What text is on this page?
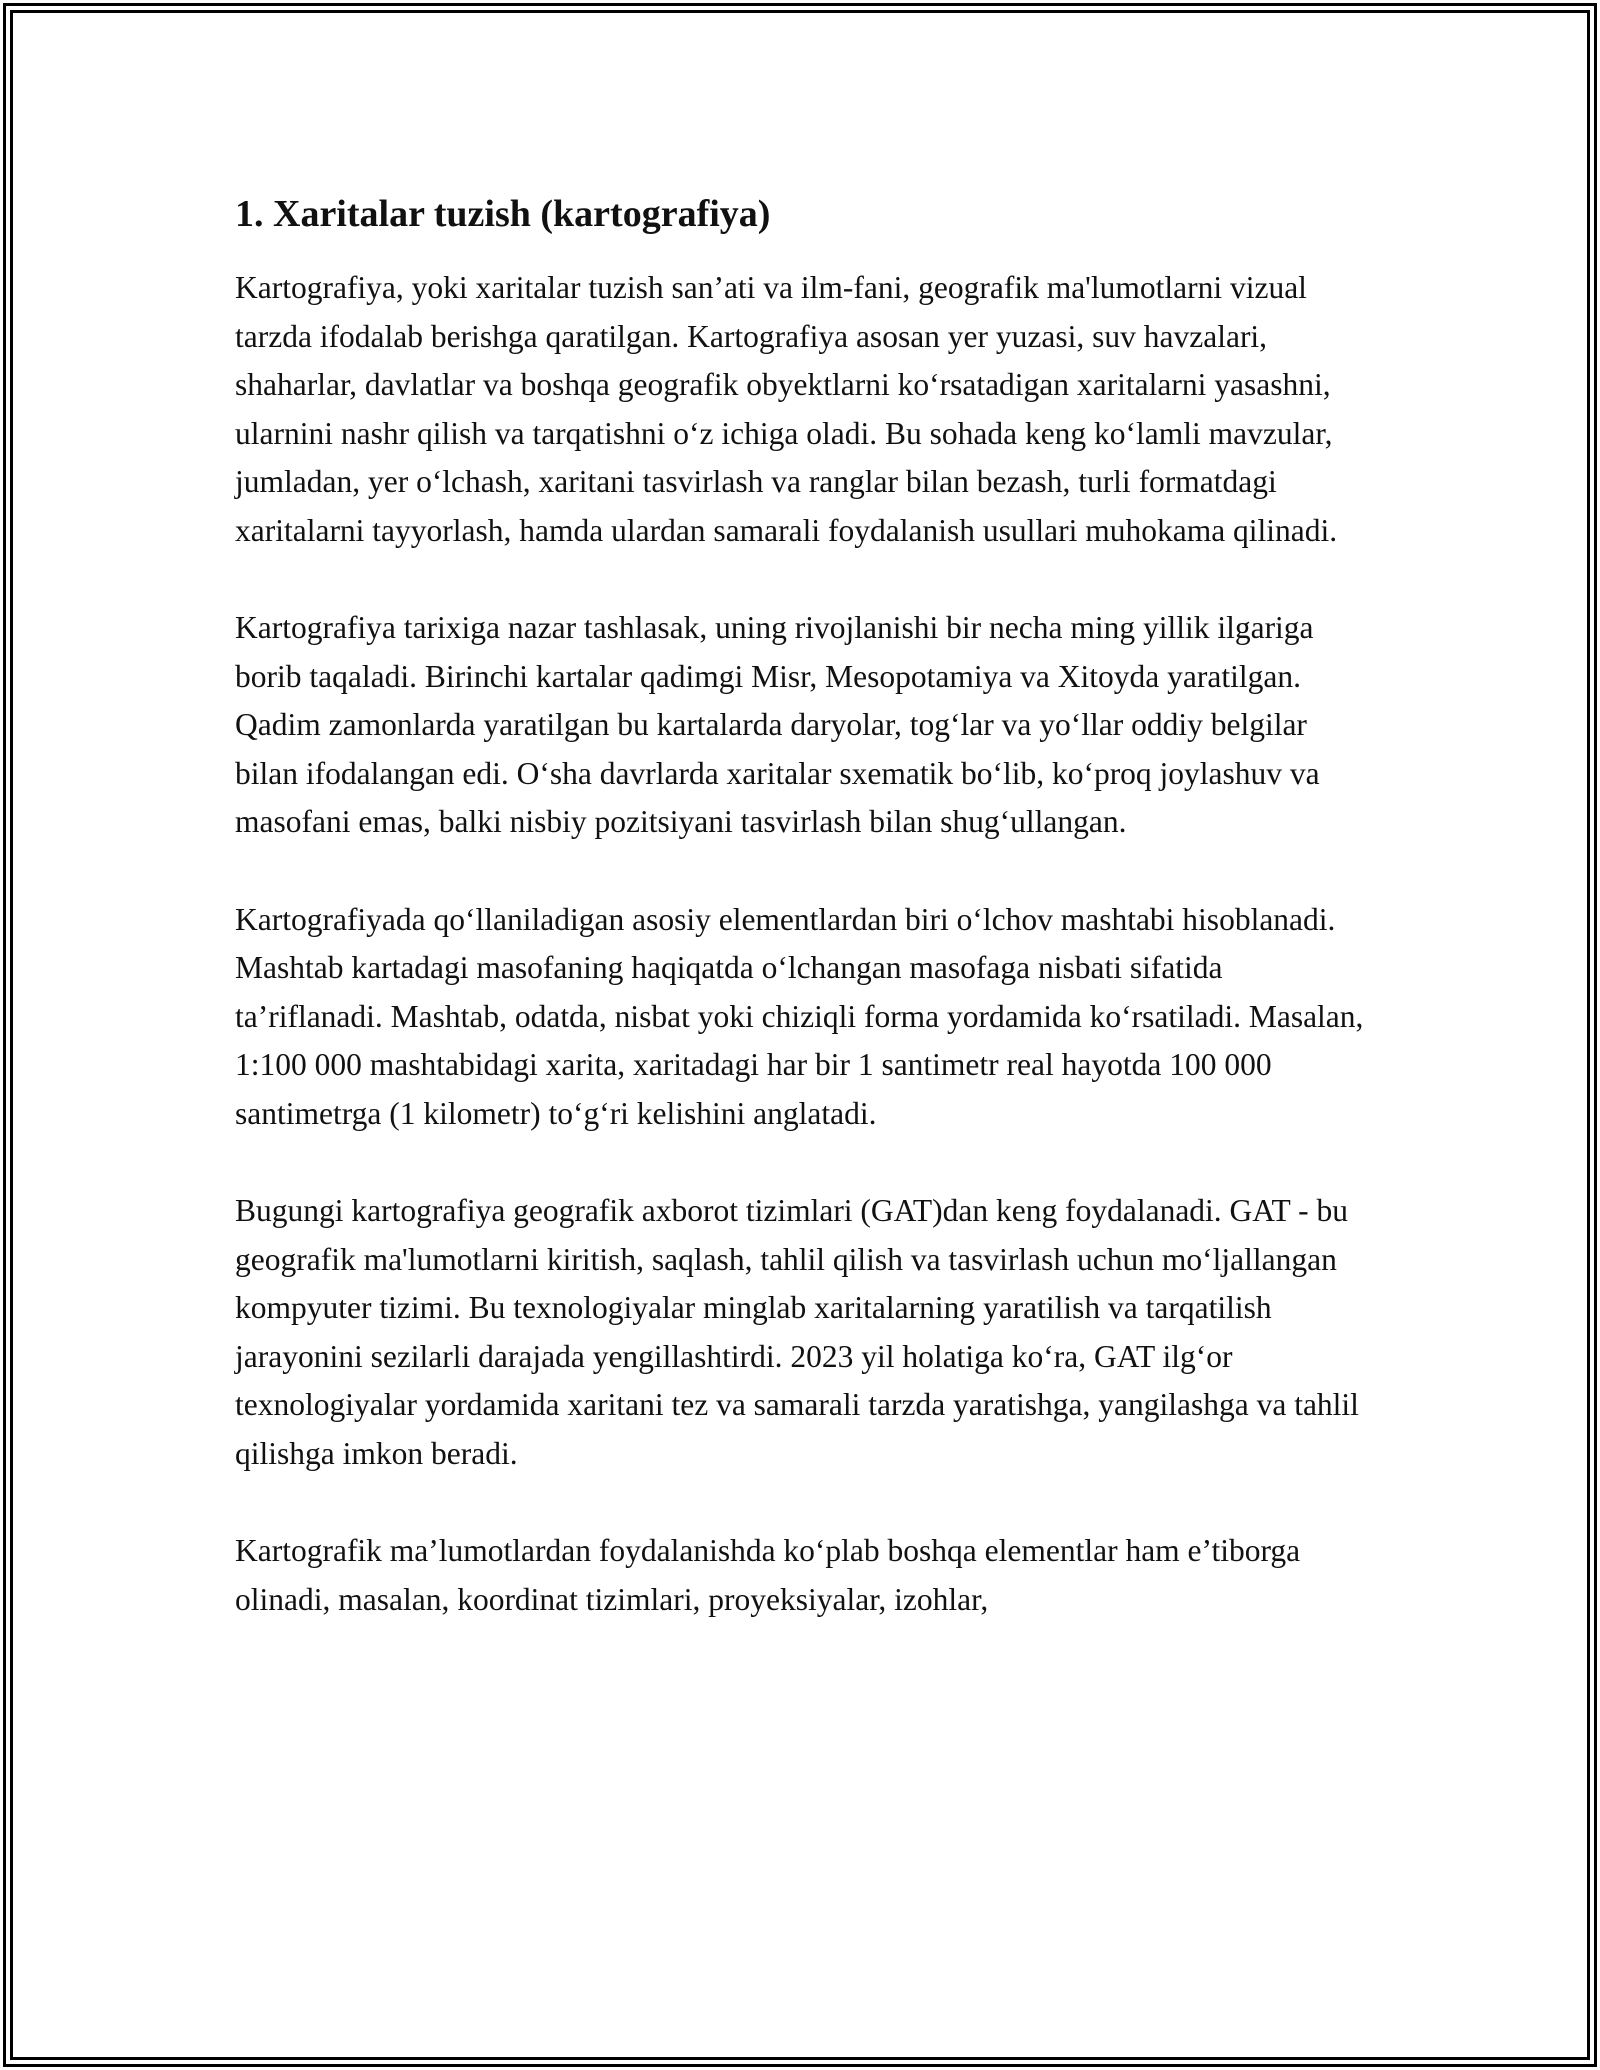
1. Xaritalar tuzish (kartografiya)

Kartografiya, yoki xaritalar tuzish san’ati va ilm-fani, geografik ma'lumotlarni vizual tarzda ifodalab berishga qaratilgan. Kartografiya asosan yer yuzasi, suv havzalari, shaharlar, davlatlar va boshqa geografik obyektlarni koʻrsatadigan xaritalarni yasashni, ularnini nashr qilish va tarqatishni oʻz ichiga oladi. Bu sohada keng koʻlamli mavzular, jumladan, yer oʻlchash, xaritani tasvirlash va ranglar bilan bezash, turli formatdagi xaritalarni tayyorlash, hamda ulardan samarali foydalanish usullari muhokama qilinadi.

Kartografiya tarixiga nazar tashlasak, uning rivojlanishi bir necha ming yillik ilgariga borib taqaladi. Birinchi kartalar qadimgi Misr, Mesopotamiya va Xitoyda yaratilgan. Qadim zamonlarda yaratilgan bu kartalarda daryolar, togʻlar va yoʻllar oddiy belgilar bilan ifodalangan edi. Oʻsha davrlarda xaritalar sxematik boʻlib, koʻproq joylashuv va masofani emas, balki nisbiy pozitsiyani tasvirlash bilan shugʻullangan.

Kartografiyada qoʻllaniladigan asosiy elementlardan biri oʻlchov mashtabi hisoblanadi. Mashtab kartadagi masofaning haqiqatda oʻlchangan masofaga nisbati sifatida ta’riflanadi. Mashtab, odatda, nisbat yoki chiziqli forma yordamida koʻrsatiladi. Masalan, 1:100 000 mashtabidagi xarita, xaritadagi har bir 1 santimetr real hayotda 100 000 santimetrga (1 kilometr) toʻgʻri kelishini anglatadi.

Bugungi kartografiya geografik axborot tizimlari (GAT)dan keng foydalanadi. GAT - bu geografik ma'lumotlarni kiritish, saqlash, tahlil qilish va tasvirlash uchun moʻljallangan kompyuter tizimi. Bu texnologiyalar minglab xaritalarning yaratilish va tarqatilish jarayonini sezilarli darajada yengillashtirdi. 2023 yil holatiga koʻra, GAT ilgʻor texnologiyalar yordamida xaritani tez va samarali tarzda yaratishga, yangilashga va tahlil qilishga imkon beradi.

Kartografik ma’lumotlardan foydalanishda koʻplab boshqa elementlar ham e’tiborga olinadi, masalan, koordinat tizimlari, proyeksiyalar, izohlar,
